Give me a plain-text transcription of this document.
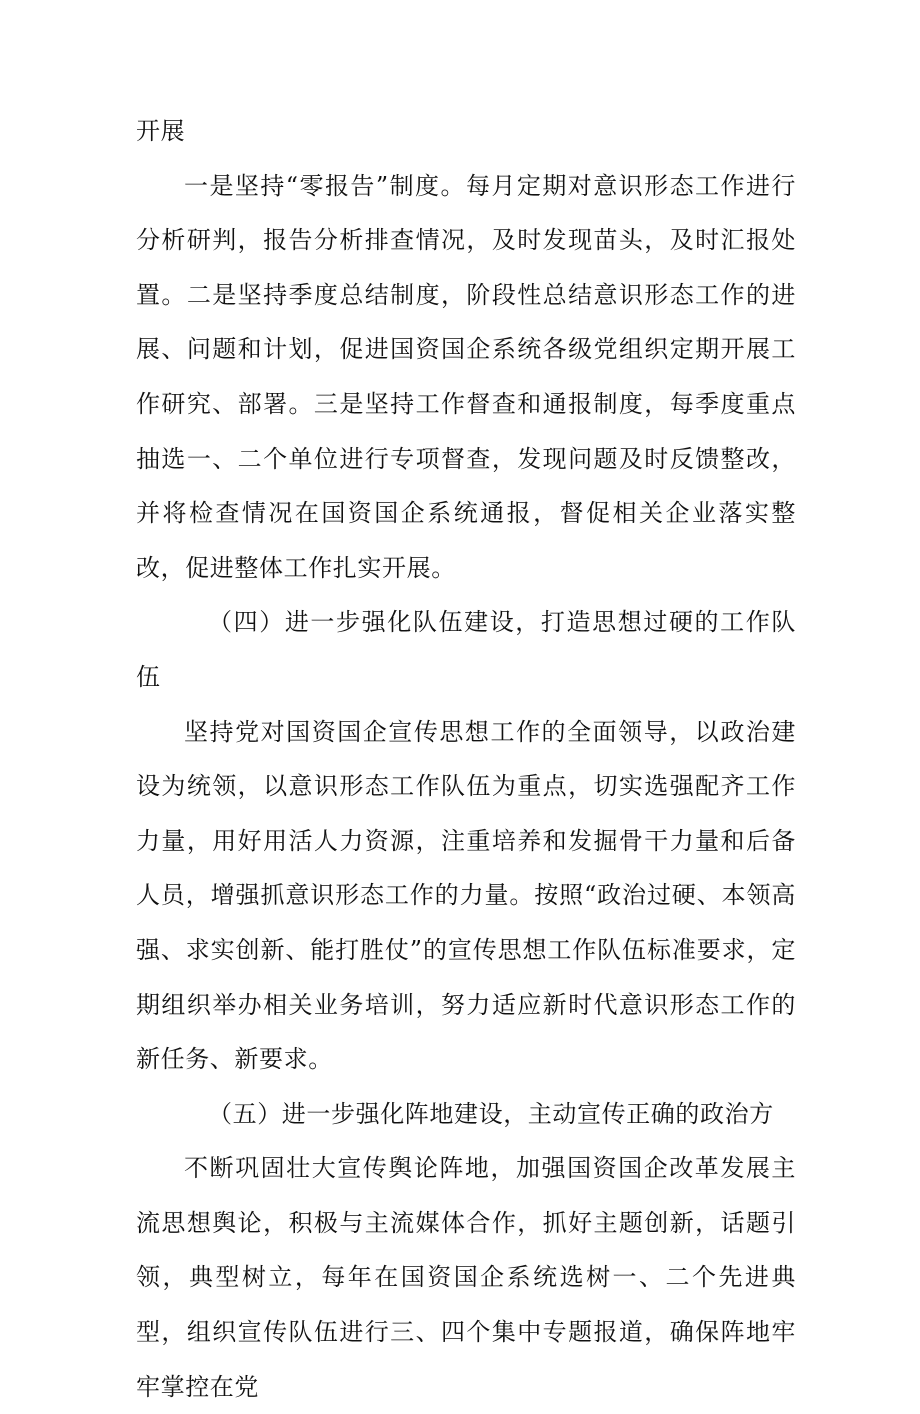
开展

一是坚持“零报告”制度。每月定期对意识形态工作进行分析研判，报告分析排查情况，及时发现苗头，及时汇报处置。二是坚持季度总结制度，阶段性总结意识形态工作的进展、问题和计划，促进国资国企系统各级党组织定期开展工作研究、部署。三是坚持工作督查和通报制度，每季度重点抽选一、二个单位进行专项督查，发现问题及时反馈整改，并将检查情况在国资国企系统通报，督促相关企业落实整改，促进整体工作扎实开展。

（四）进一步强化队伍建设，打造思想过硬的工作队伍

坚持党对国资国企宣传思想工作的全面领导，以政治建设为统领，以意识形态工作队伍为重点，切实选强配齐工作力量，用好用活人力资源，注重培养和发掘骨干力量和后备人员，增强抓意识形态工作的力量。按照“政治过硬、本领高强、求实创新、能打胜仗”的宣传思想工作队伍标准要求，定期组织举办相关业务培训，努力适应新时代意识形态工作的新任务、新要求。

（五）进一步强化阵地建设，主动宣传正确的政治方

不断巩固壮大宣传舆论阵地，加强国资国企改革发展主流思想舆论，积极与主流媒体合作，抓好主题创新，话题引领，典型树立，每年在国资国企系统选树一、二个先进典型，组织宣传队伍进行三、四个集中专题报道，确保阵地牢牢掌控在党
